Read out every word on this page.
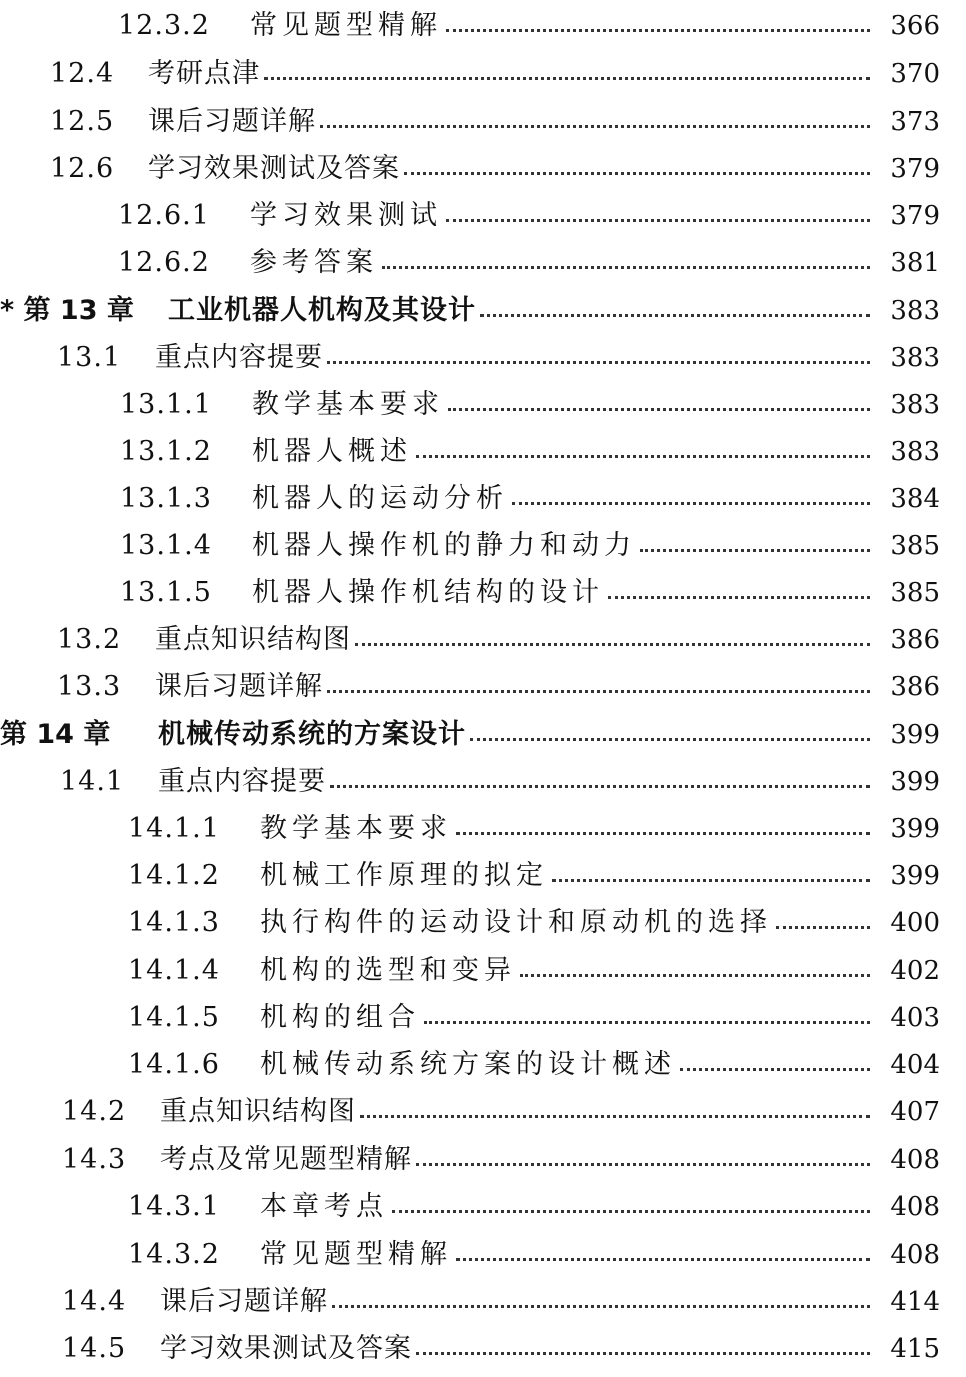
12.3.2	常见题型精解	366
12.4	考研点津	370
12.5	课后习题详解	373
12.6	学习效果测试及答案	379
12.6.1	学习效果测试	379
12.6.2	参考答案	381
* 第 13 章	工业机器人机构及其设计	383
13.1	重点内容提要	383
13.1.1	教学基本要求	383
13.1.2	机器人概述	383
13.1.3	机器人的运动分析	384
13.1.4	机器人操作机的静力和动力	385
13.1.5	机器人操作机结构的设计	385
13.2	重点知识结构图	386
13.3	课后习题详解	386
第 14 章	机械传动系统的方案设计	399
14.1	重点内容提要	399
14.1.1	教学基本要求	399
14.1.2	机械工作原理的拟定	399
14.1.3	执行构件的运动设计和原动机的选择	400
14.1.4	机构的选型和变异	402
14.1.5	机构的组合	403
14.1.6	机械传动系统方案的设计概述	404
14.2	重点知识结构图	407
14.3	考点及常见题型精解	408
14.3.1	本章考点	408
14.3.2	常见题型精解	408
14.4	课后习题详解	414
14.5	学习效果测试及答案	415
